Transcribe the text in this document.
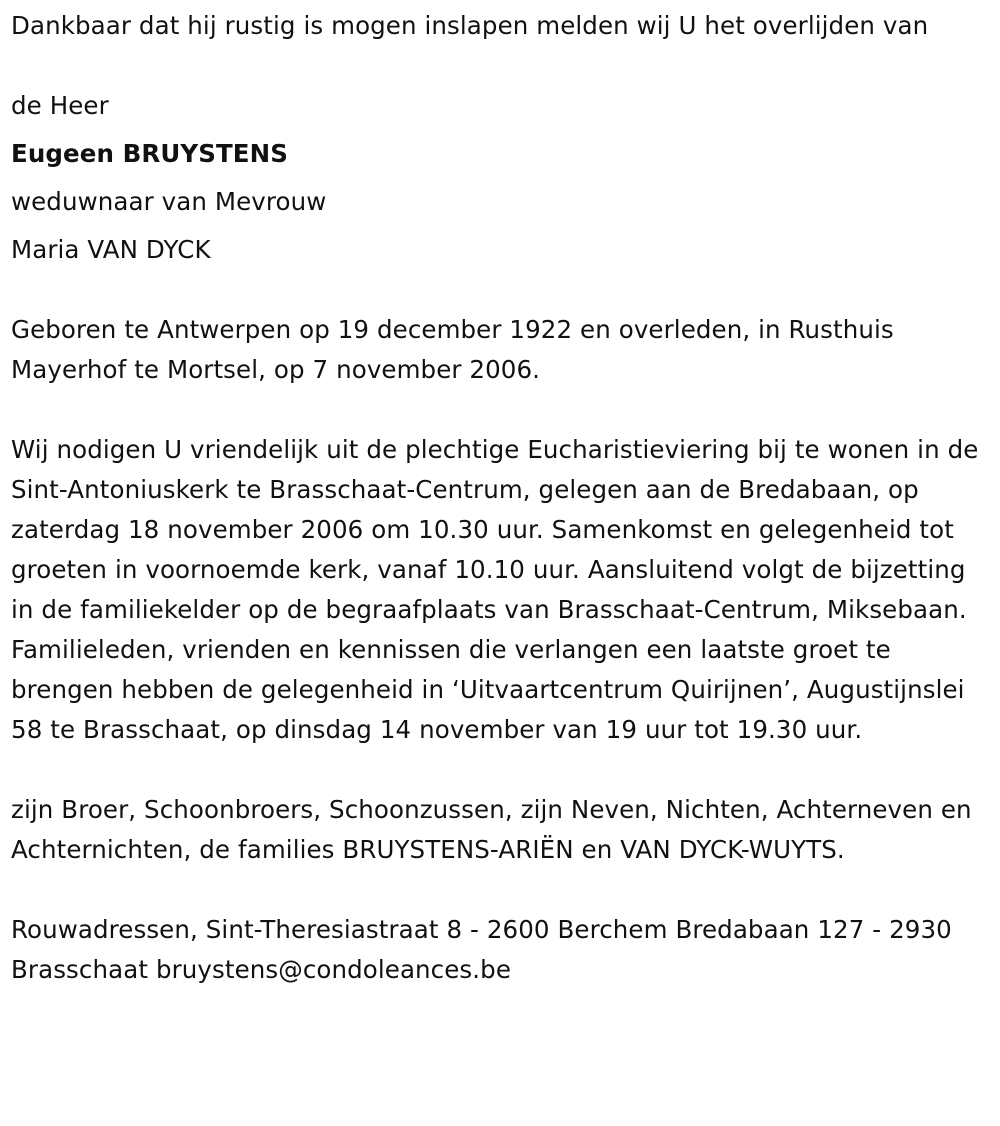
Dankbaar dat hij rustig is mogen inslapen melden wij U het overlijden van

de Heer

Eugeen BRUYSTENS

weduwnaar van Mevrouw

Maria VAN DYCK

Geboren te Antwerpen op 19 december 1922 en overleden, in Rusthuis Mayerhof te Mortsel, op 7 november 2006.

Wij nodigen U vriendelijk uit de plechtige Eucharistieviering bij te wonen in de Sint-Antoniuskerk te Brasschaat-Centrum, gelegen aan de Bredabaan, op zaterdag 18 november 2006 om 10.30 uur. Samenkomst en gelegenheid tot groeten in voornoemde kerk, vanaf 10.10 uur. Aansluitend volgt de bijzetting in de familiekelder op de begraafplaats van Brasschaat-Centrum, Miksebaan. Familieleden, vrienden en kennissen die verlangen een laatste groet te brengen hebben de gelegenheid in ‘Uitvaartcentrum Quirijnen’, Augustijnslei 58 te Brasschaat, op dinsdag 14 november van 19 uur tot 19.30 uur.

zijn Broer, Schoonbroers, Schoonzussen, zijn Neven, Nichten, Achterneven en Achternichten, de families BRUYSTENS-ARIËN en VAN DYCK-WUYTS.

Rouwadressen, Sint-Theresiastraat 8 - 2600 Berchem Bredabaan 127 - 2930 Brasschaat bruystens@condoleances.be
